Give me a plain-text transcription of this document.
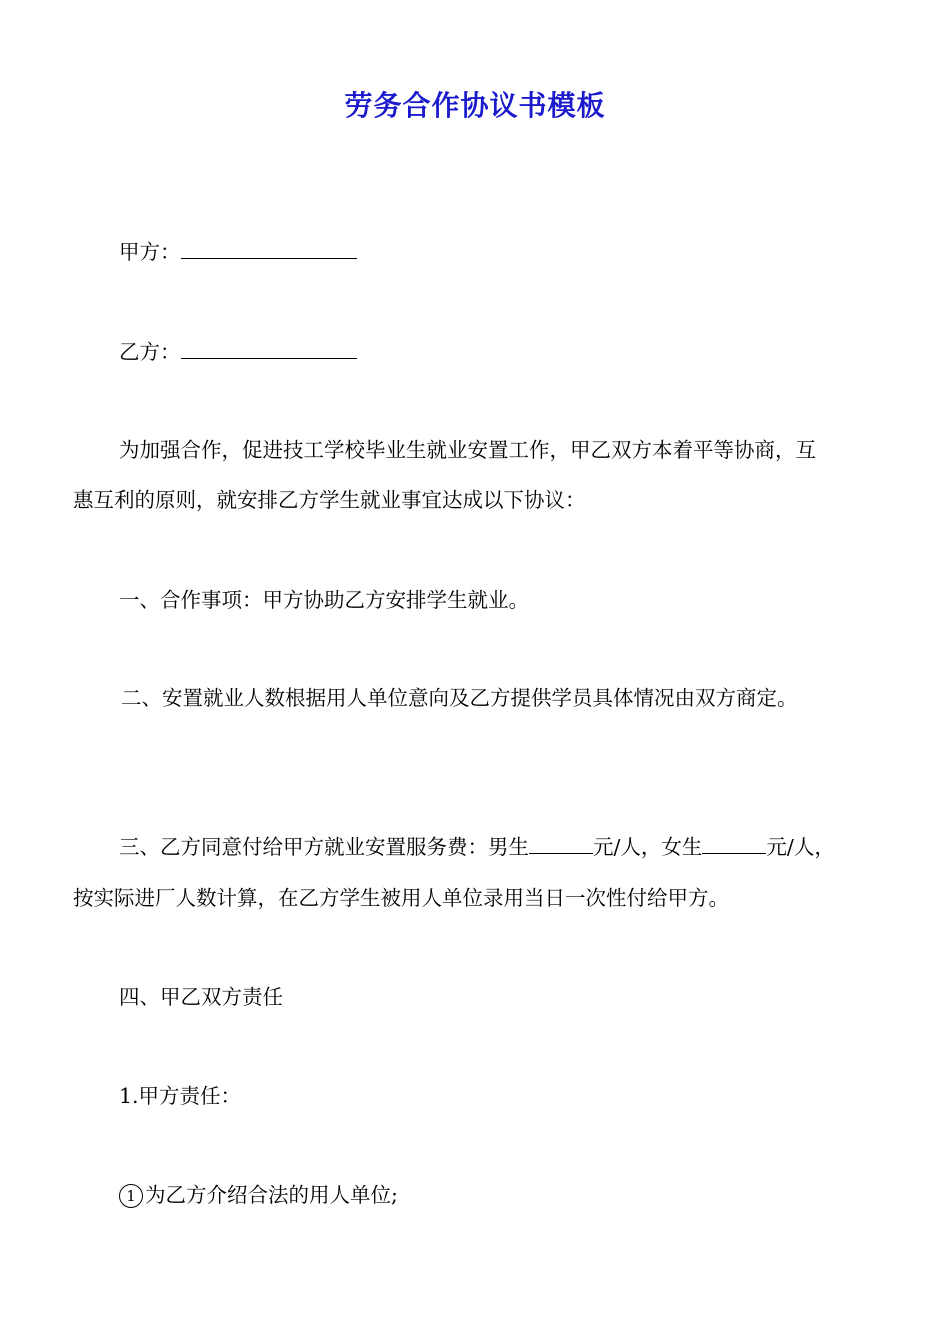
劳务合作协议书模板
甲方：
乙方：
为加强合作，促进技工学校毕业生就业安置工作，甲乙双方本着平等协商，互
惠互利的原则，就安排乙方学生就业事宜达成以下协议：
一、合作事项：甲方协助乙方安排学生就业。
二、安置就业人数根据用人单位意向及乙方提供学员具体情况由双方商定。
三、乙方同意付给甲方就业安置服务费：男生	元/人，女生	元/人，
按实际进厂人数计算，在乙方学生被用人单位录用当日一次性付给甲方。
四、甲乙双方责任
1.甲方责任：
1 为乙方介绍合法的用人单位;
